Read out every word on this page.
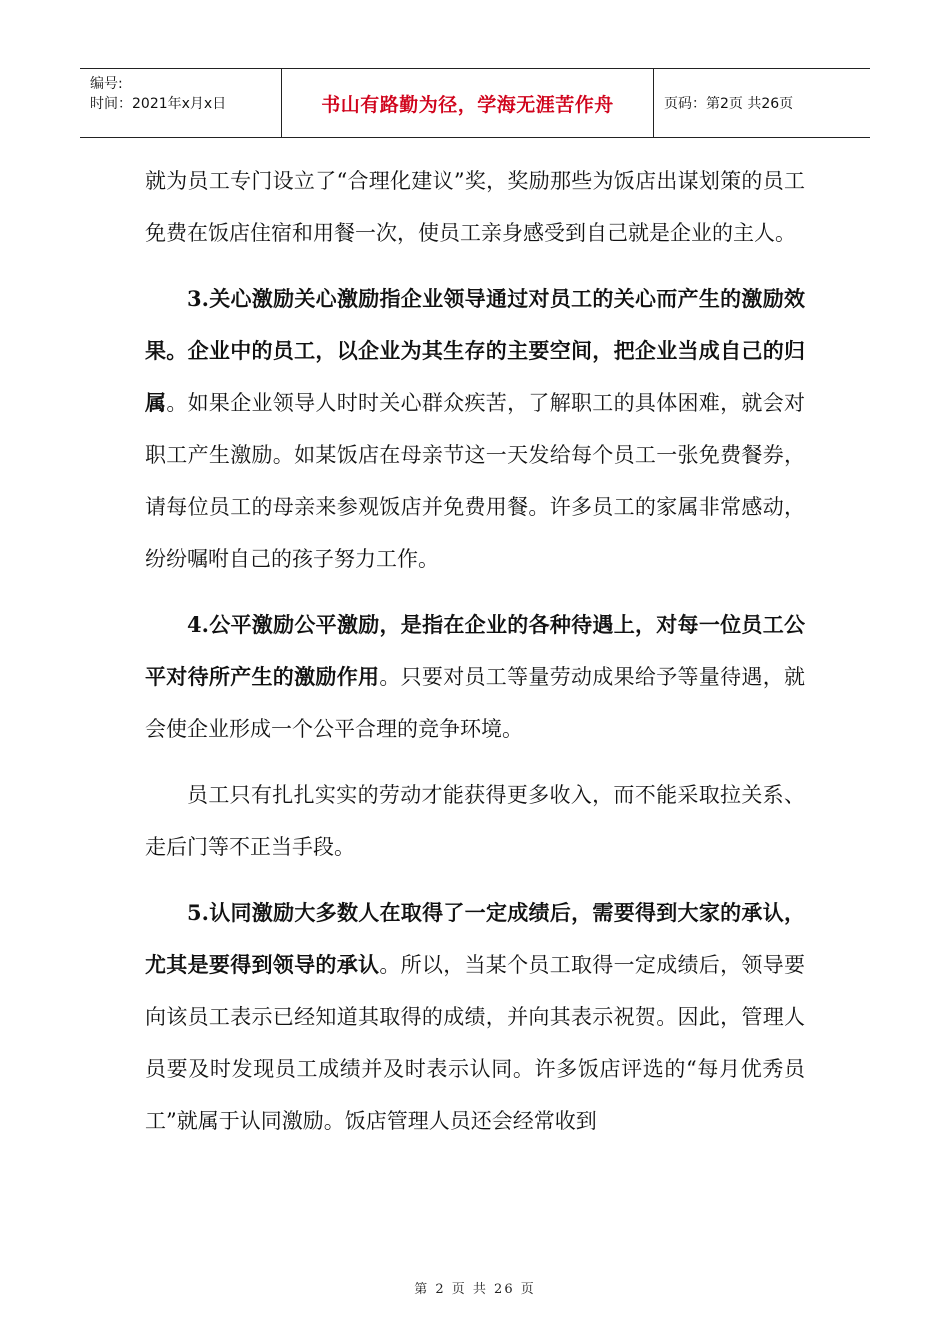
编号:
时间：2021年x月x日	书山有路勤为径，学海无涯苦作舟	页码：第2页 共26页

就为员工专门设立了“合理化建议”奖，奖励那些为饭店出谋划策的员工免费在饭店住宿和用餐一次，使员工亲身感受到自己就是企业的主人。

3.关心激励关心激励指企业领导通过对员工的关心而产生的激励效果。企业中的员工，以企业为其生存的主要空间，把企业当成自己的归属。如果企业领导人时时关心群众疾苦，了解职工的具体困难，就会对职工产生激励。如某饭店在母亲节这一天发给每个员工一张免费餐券，请每位员工的母亲来参观饭店并免费用餐。许多员工的家属非常感动，纷纷嘱咐自己的孩子努力工作。

4.公平激励公平激励，是指在企业的各种待遇上，对每一位员工公平对待所产生的激励作用。只要对员工等量劳动成果给予等量待遇，就会使企业形成一个公平合理的竞争环境。

员工只有扎扎实实的劳动才能获得更多收入，而不能采取拉关系、走后门等不正当手段。

5.认同激励大多数人在取得了一定成绩后，需要得到大家的承认，尤其是要得到领导的承认。所以，当某个员工取得一定成绩后，领导要向该员工表示已经知道其取得的成绩，并向其表示祝贺。因此，管理人员要及时发现员工成绩并及时表示认同。许多饭店评选的“每月优秀员工”就属于认同激励。饭店管理人员还会经常收到

第 2 页 共 26 页
